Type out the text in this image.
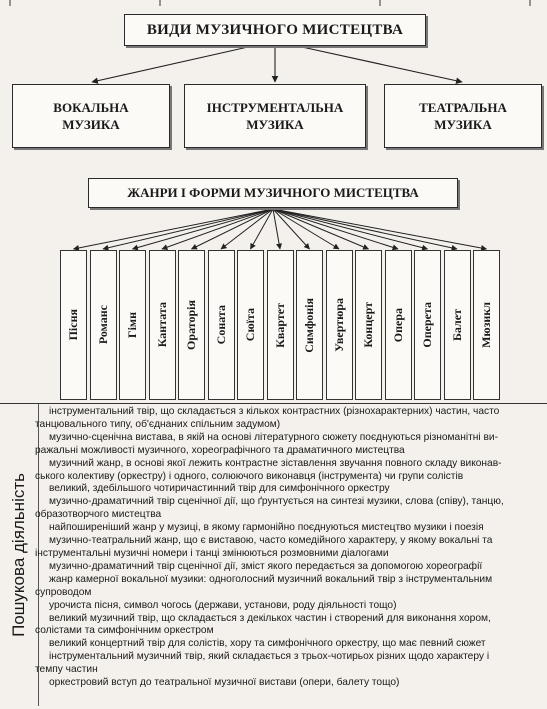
ВИДИ МУЗИЧНОГО МИСТЕЦТВА
ВОКАЛЬНА
МУЗИКА
ІНСТРУМЕНТАЛЬНА
МУЗИКА
ТЕАТРАЛЬНА
МУЗИКА
ЖАНРИ І ФОРМИ МУЗИЧНОГО МИСТЕЦТВА
Пісня Романс Гімн Кантата Ораторія Соната Сюїта Квартет Симфонія Увертюра Концерт Опера Оперета Балет Мюзикл
Пошукова діяльність
інструментальний твір, що складається з кількох контрастних (різнохарактерних) частин, часто
танцювального типу, об'єднаних спільним задумом)
музично-сценічна вистава, в якій на основі літературного сюжету поєднуються різноманітні ви-
ражальні можливості музичного, хореографічного та драматичного мистецтва
музичний жанр, в основі якої лежить контрастне зіставлення звучання повного складу виконав-
ського колективу (оркестру) і одного, солюючого виконавця (інструмента) чи групи солістів
великий, здебільшого чотиричастинний твір для симфонічного оркестру
музично-драматичний твір сценічної дії, що ґрунтується на синтезі музики, слова (співу), танцю,
образотворчого мистецтва
найпоширеніший жанр у музиці, в якому гармонійно поєднуються мистецтво музики і поезія
музично-театральний жанр, що є виставою, часто комедійного характеру, у якому вокальні та
інструментальні музичні номери і танці змінюються розмовними діалогами
музично-драматичний твір сценічної дії, зміст якого передається за допомогою хореографії
жанр камерної вокальної музики: одноголосний музичний вокальний твір з інструментальним
супроводом
урочиста пісня, символ чогось (держави, установи, роду діяльності тощо)
великий музичний твір, що складається з декількох частин і створений для виконання хором,
солістами та симфонічним оркестром
великий концертний твір для солістів, хору та симфонічного оркестру, що має певний сюжет
інструментальний музичний твір, який складається з трьох-чотирьох різних щодо характеру і
темпу частин
оркестровий вступ до театральної музичної вистави (опери, балету тощо)
